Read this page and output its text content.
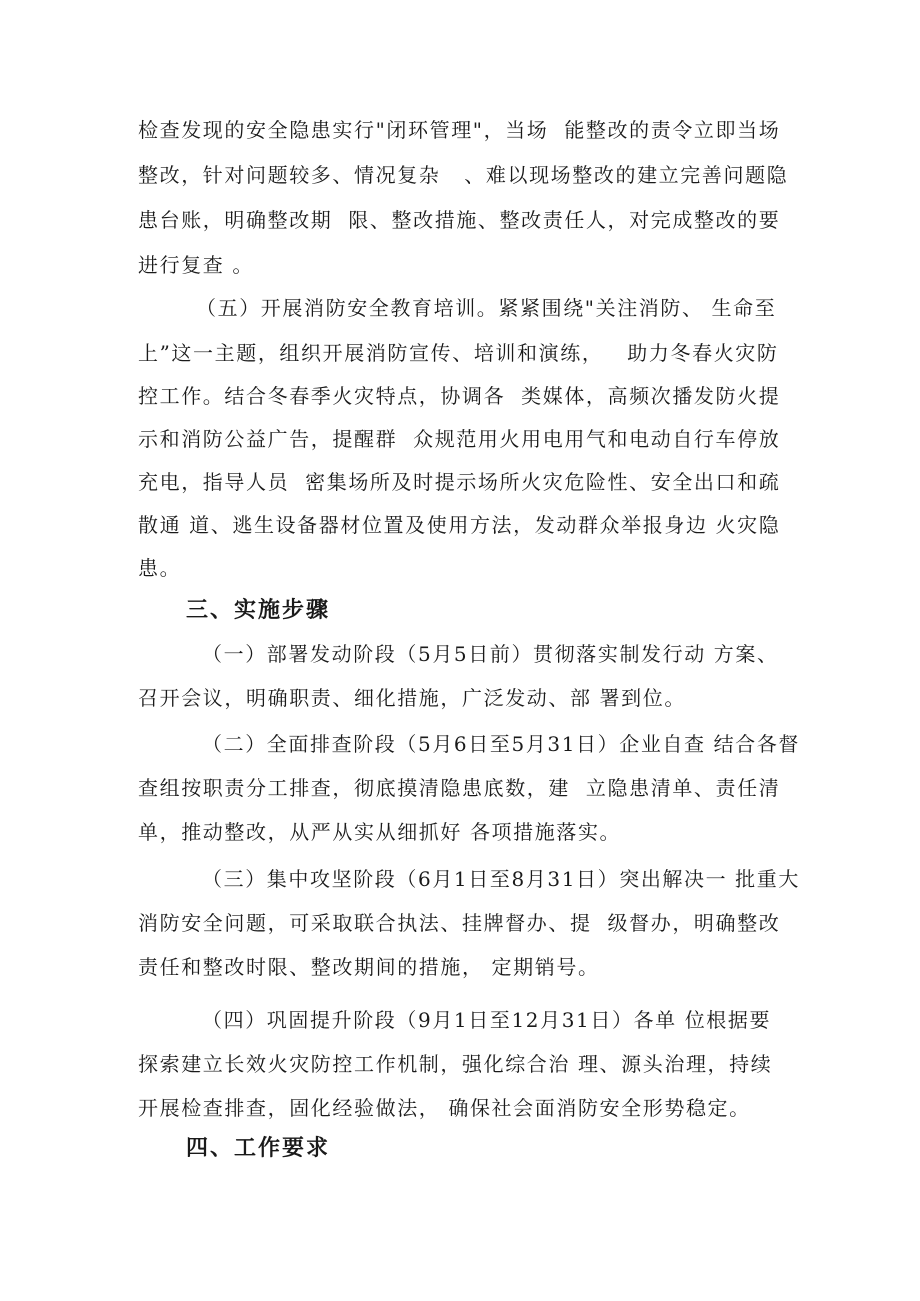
检查发现的安全隐患实行"闭环管理"，当场  能整改的责令立即当场
整改，针对问题较多、情况复杂   、难以现场整改的建立完善问题隐
患台账，明确整改期  限、整改措施、整改责任人，对完成整改的要
进行复查 。
（五）开展消防安全教育培训。紧紧围绕"关注消防、 生命至
上”这一主题，组织开展消防宣传、培训和演练，   助力冬春火灾防
控工作。结合冬春季火灾特点，协调各  类媒体，高频次播发防火提
示和消防公益广告，提醒群  众规范用火用电用气和电动自行车停放
充电，指导人员  密集场所及时提示场所火灾危险性、安全出口和疏
散通 道、逃生设备器材位置及使用方法，发动群众举报身边 火灾隐
患。
三、实施步骤
（一）部署发动阶段（5月5日前）贯彻落实制发行动 方案、
召开会议，明确职责、细化措施，广泛发动、部 署到位。
（二）全面排查阶段（5月6日至5月31日）企业自查 结合各督
查组按职责分工排查，彻底摸清隐患底数，建  立隐患清单、责任清
单，推动整改，从严从实从细抓好 各项措施落实。
（三）集中攻坚阶段（6月1日至8月31日）突出解决一 批重大
消防安全问题，可采取联合执法、挂牌督办、提  级督办，明确整改
责任和整改时限、整改期间的措施， 定期销号。
（四）巩固提升阶段（9月1日至12月31日）各单 位根据要
探索建立长效火灾防控工作机制，强化综合治 理、源头治理，持续
开展检查排查，固化经验做法， 确保社会面消防安全形势稳定。
四、工作要求
